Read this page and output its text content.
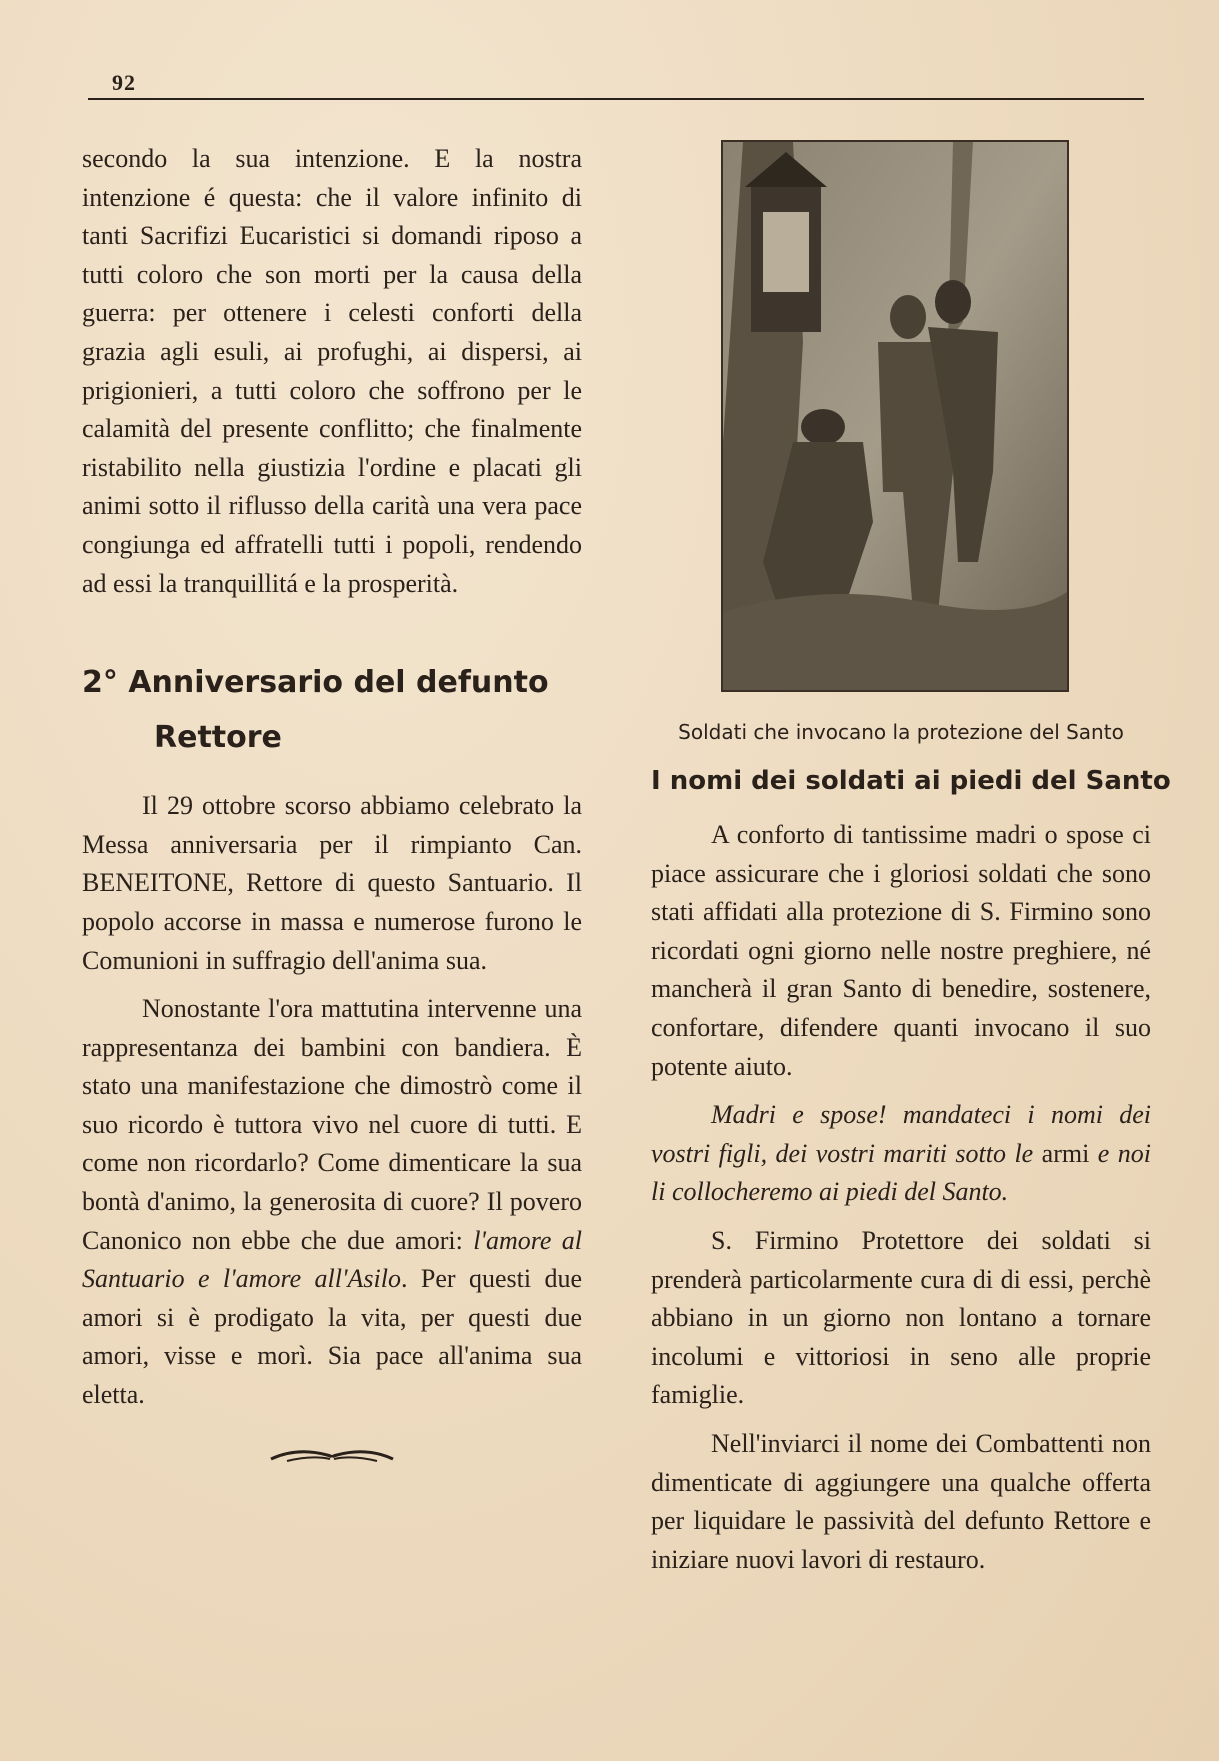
92

secondo la sua intenzione. E la nostra intenzione é questa: che il valore infinito di tanti Sacrifizi Eucaristici si domandi riposo a tutti coloro che son morti per la causa della guerra: per ottenere i celesti conforti della grazia agli esuli, ai profughi, ai dispersi, ai prigionieri, a tutti coloro che soffrono per le calamità del presente conflitto; che finalmente ristabilito nella giustizia l'ordine e placati gli animi sotto il riflusso della carità una vera pace congiunga ed affratelli tutti i popoli, rendendo ad essi la tranquillitá e la prosperità.

2° Anniversario del defunto
Rettore

Il 29 ottobre scorso abbiamo celebrato la Messa anniversaria per il rimpianto Can. BENEITONE, Rettore di questo Santuario. Il popolo accorse in massa e numerose furono le Comunioni in suffragio dell'anima sua.

Nonostante l'ora mattutina intervenne una rappresentanza dei bambini con bandiera. È stato una manifestazione che dimostrò come il suo ricordo è tuttora vivo nel cuore di tutti. E come non ricordarlo? Come dimenticare la sua bontà d'animo, la generosita di cuore? Il povero Canonico non ebbe che due amori: l'amore al Santuario e l'amore all'Asilo. Per questi due amori si è prodigato la vita, per questi due amori, visse e morì. Sia pace all'anima sua eletta.

Soldati che invocano la protezione del Santo
I nomi dei soldati ai piedi del Santo

A conforto di tantissime madri o spose ci piace assicurare che i gloriosi soldati che sono stati affidati alla protezione di S. Firmino sono ricordati ogni giorno nelle nostre preghiere, né mancherà il gran Santo di benedire, sostenere, confortare, difendere quanti invocano il suo potente aiuto.

Madri e spose! mandateci i nomi dei vostri figli, dei vostri mariti sotto le armi e noi li collocheremo ai piedi del Santo.

S. Firmino Protettore dei soldati si prenderà particolarmente cura di di essi, perchè abbiano in un giorno non lontano a tornare incolumi e vittoriosi in seno alle proprie famiglie.

Nell'inviarci il nome dei Combattenti non dimenticate di aggiungere una qualche offerta per liquidare le passività del defunto Rettore e iniziare nuovi lavori di restauro.
